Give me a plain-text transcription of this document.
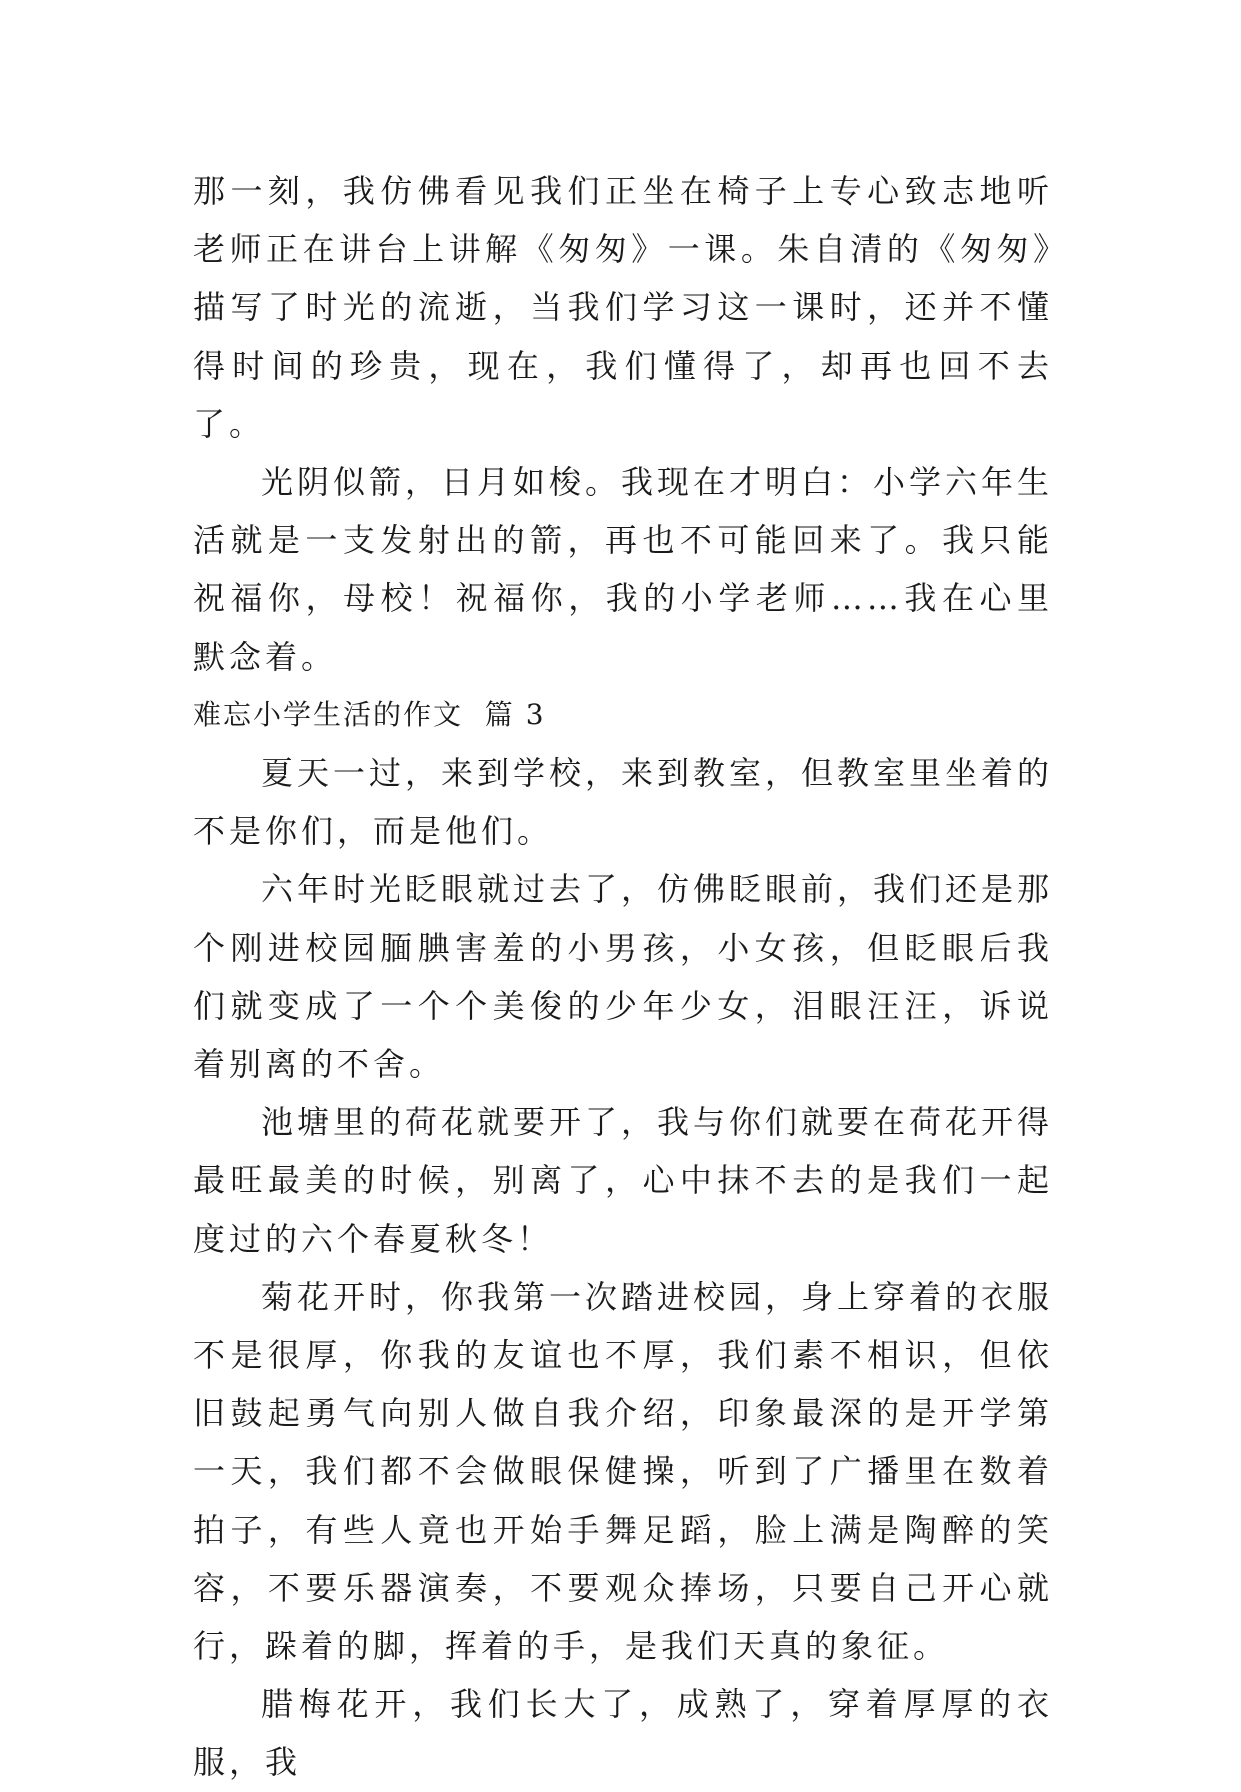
那一刻，我仿佛看见我们正坐在椅子上专心致志地听老师正在讲台上讲解《匆匆》一课。朱自清的《匆匆》描写了时光的流逝，当我们学习这一课时，还并不懂得时间的珍贵，现在，我们懂得了，却再也回不去了。

光阴似箭，日月如梭。我现在才明白：小学六年生活就是一支发射出的箭，再也不可能回来了。我只能祝福你，母校！祝福你，我的小学老师……我在心里默念着。

难忘小学生活的作文  篇 3

夏天一过，来到学校，来到教室，但教室里坐着的不是你们，而是他们。

六年时光眨眼就过去了，仿佛眨眼前，我们还是那个刚进校园腼腆害羞的小男孩，小女孩，但眨眼后我们就变成了一个个美俊的少年少女，泪眼汪汪，诉说着别离的不舍。

池塘里的荷花就要开了，我与你们就要在荷花开得最旺最美的时候，别离了，心中抹不去的是我们一起度过的六个春夏秋冬！

菊花开时，你我第一次踏进校园，身上穿着的衣服不是很厚，你我的友谊也不厚，我们素不相识，但依旧鼓起勇气向别人做自我介绍，印象最深的是开学第一天，我们都不会做眼保健操，听到了广播里在数着拍子，有些人竟也开始手舞足蹈，脸上满是陶醉的笑容，不要乐器演奏，不要观众捧场，只要自己开心就行，跺着的脚，挥着的手，是我们天真的象征。

腊梅花开，我们长大了，成熟了，穿着厚厚的衣服，我
